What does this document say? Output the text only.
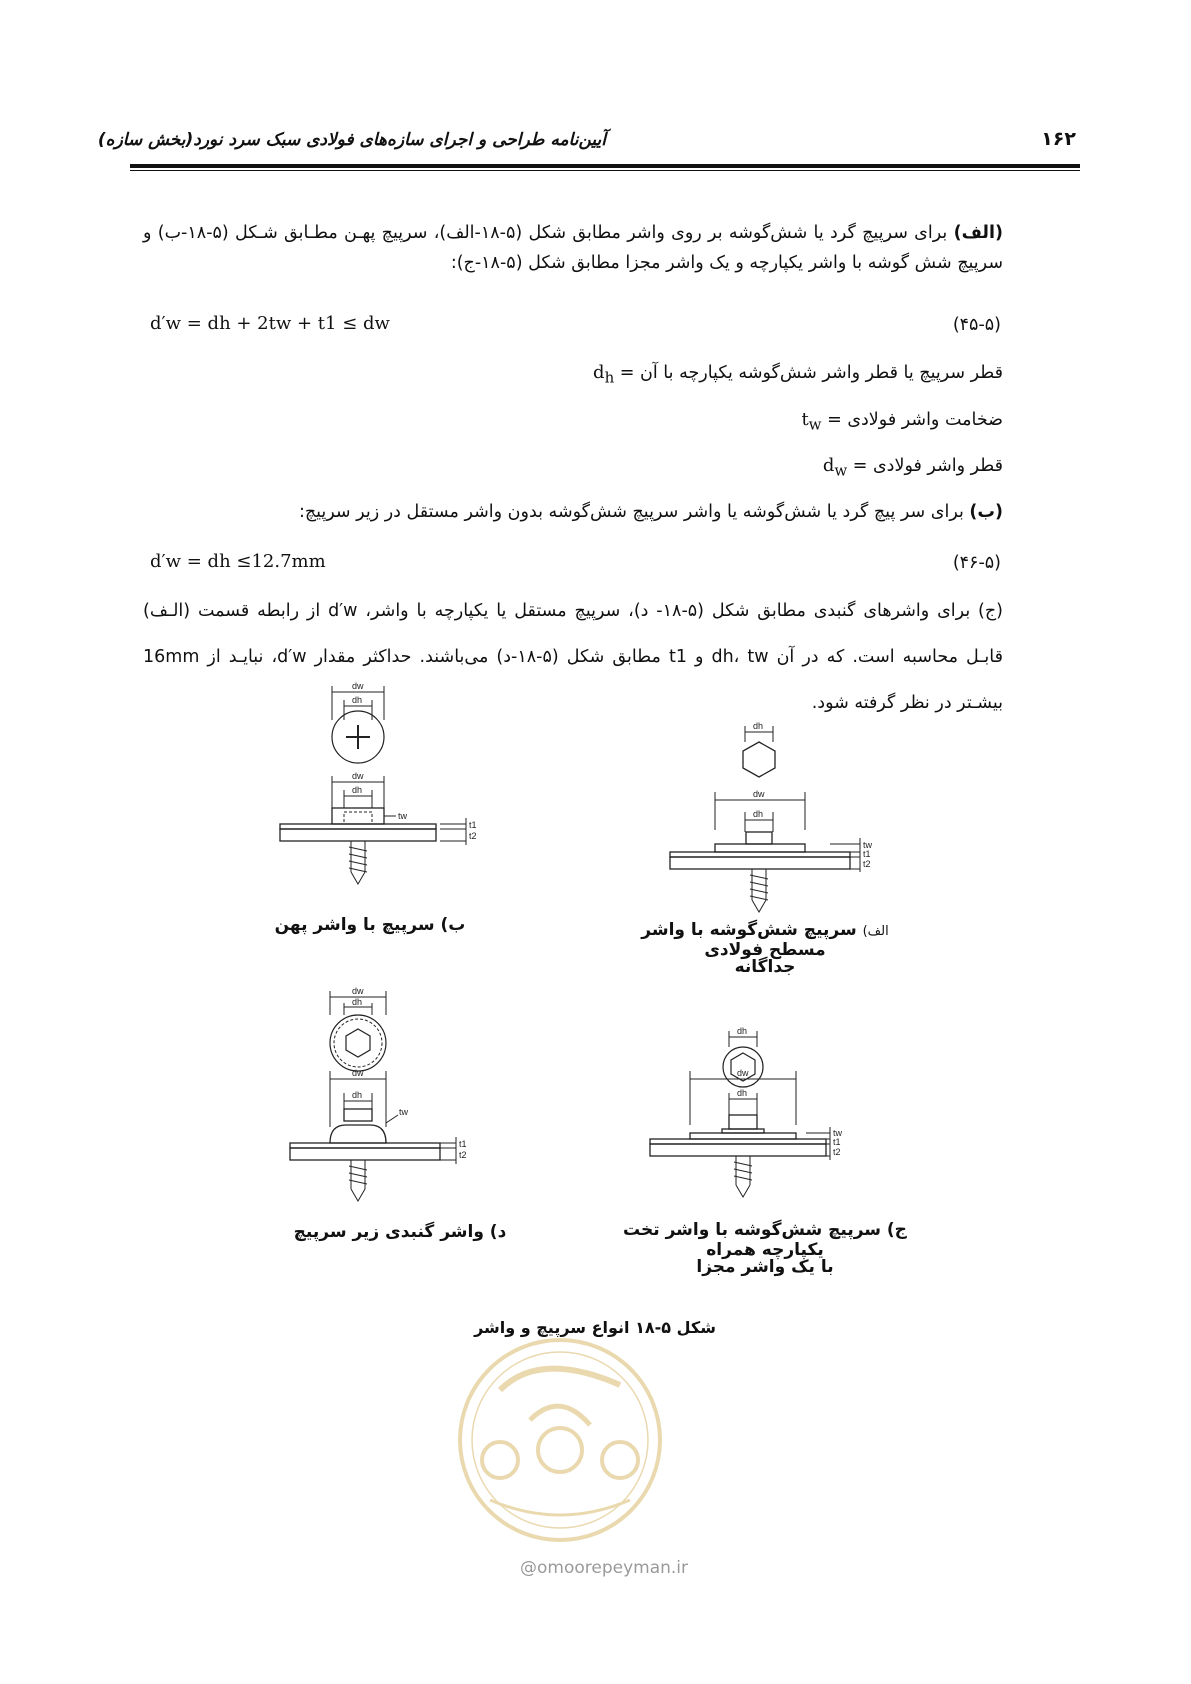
آیین‌نامه طراحی و اجرای سازه‌های فولادی سبک سرد نورد(بخش سازه)	۱۶۲
(الف) برای سرپیچ گرد یا شش‌گوشه بر روی واشر مطابق شکل (۵-۱۸-الف)، سرپیچ پهـن مطـابق شـکل (۵-۱۸-ب) و سرپیچ شش گوشه با واشر یکپارچه و یک واشر مجزا مطابق شکل (۵-۱۸-ج):
(۴۵-۵)
d′w = dh + 2tw + t1 ≤ dw
$d_h$ = قطر سرپیچ یا قطر واشر شش‌گوشه یکپارچه با آن
$t_w$ = ضخامت واشر فولادی
$d_w$ = قطر واشر فولادی
(ب) برای سر پیچ گرد یا شش‌گوشه یا واشر سرپیچ شش‌گوشه بدون واشر مستقل در زیر سرپیچ:
(۴۶-۵)
d′w = dh ≤12.7mm
(ج) برای واشرهای گنبدی مطابق شکل (۵-۱۸- د)، سرپیچ مستقل یا یکپارچه با واشر، d′w از رابطه قسمت (الـف) قابـل محاسبه است. که در آن dh، tw و t1 مطابق شکل (۵-۱۸-د) می‌باشند. حداکثر مقدار d′w، نبایـد از 16mm بیشـتر در نظر گرفته شود.
dh
dw
dh
tw
t1
t2
dw
dh
dw
dh
tw
t1
t2
الف) سرپیچ شش‌گوشه با واشر مسطح فولادی
جداگانه
ب) سرپیچ با واشر پهن
dh
dw
dh
tw
t1
t2
dw
dh
dw
dh
tw
t1
t2
ج) سرپیچ شش‌گوشه با واشر تخت یکپارچه همراه
با یک واشر مجزا
د) واشر گنبدی زیر سرپیچ
شکل ۵-۱۸ انواع سرپیچ و واشر
@omoorepeyman.ir
